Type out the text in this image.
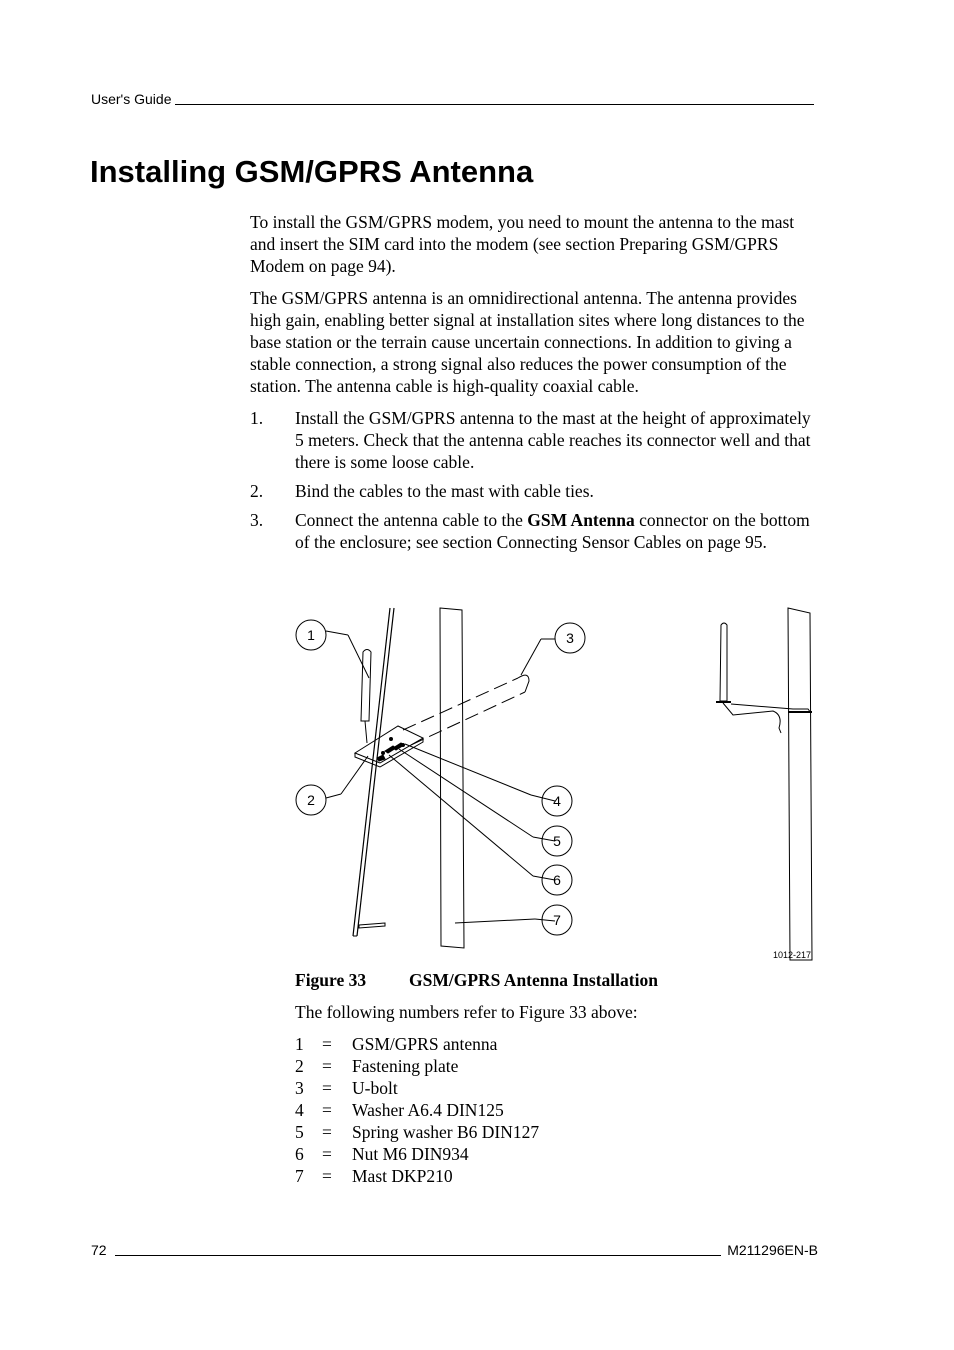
User's Guide
Installing GSM/GPRS Antenna

To install the GSM/GPRS modem, you need to mount the antenna to the mast and insert the SIM card into the modem (see section Preparing GSM/GPRS Modem on page 94).

The GSM/GPRS antenna is an omnidirectional antenna. The antenna provides high gain, enabling better signal at installation sites where long distances to the base station or the terrain cause uncertain connections. In addition to giving a stable connection, a strong signal also reduces the power consumption of the station. The antenna cable is high-quality coaxial cable.

1.	Install the GSM/GPRS antenna to the mast at the height of approximately 5 meters. Check that the antenna cable reaches its connector well and that there is some loose cable.
2.	Bind the cables to the mast with cable ties.
3.	Connect the antenna cable to the GSM Antenna connector on the bottom of the enclosure; see section Connecting Sensor Cables on page 95.
1
2
3
4
5
6
7
1012-217
Figure 33	GSM/GPRS Antenna Installation
The following numbers refer to Figure 33 above:
1	=	GSM/GPRS antenna
2	=	Fastening plate
3	=	U-bolt
4	=	Washer A6.4 DIN125
5	=	Spring washer B6 DIN127
6	=	Nut M6 DIN934
7	=	Mast DKP210
72	M211296EN-B
